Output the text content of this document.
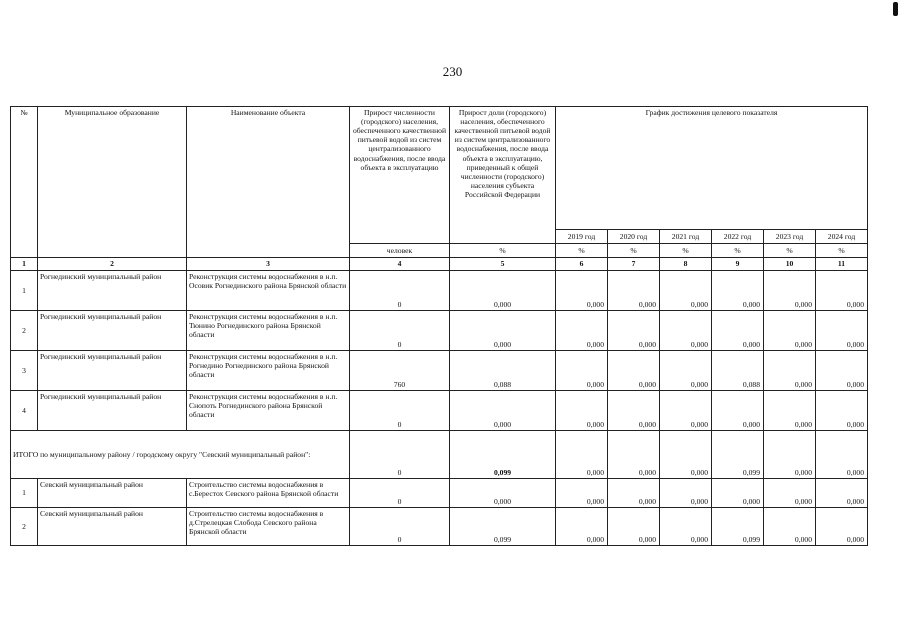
230
№	Муниципальное образование	Наименование объекта	Прирост численности (городского) населения, обеспеченного качественной питьевой водой из систем централизованного водоснабжения, после ввода объекта в эксплуатацию	Прирост доли (городского) населения, обеспеченного качественной питьевой водой из систем централизованного водоснабжения, после ввода объекта в эксплуатацию, приведенный к общей численности (городского) населения субъекта Российской Федерации	График достижения целевого показателя					
					2019 год	2020 год	2021 год	2022 год	2023 год	2024 год
			человек	%	%	%	%	%	%	%
1	2	3	4	5	6	7	8	9	10	11
1	Рогнединский муниципальный район	Реконструкция системы водоснабжения в н.п. Осовик Рогнединского района Брянской области	0	0,000	0,000	0,000	0,000	0,000	0,000	0,000
2	Рогнединский муниципальный район	Реконструкция системы водоснабжения в н.п. Тюнино Рогнединского района Брянской области	0	0,000	0,000	0,000	0,000	0,000	0,000	0,000
3	Рогнединский муниципальный район	Реконструкция системы водоснабжения в н.п. Рогнедино Рогнединского района Брянской области	760	0,088	0,000	0,000	0,000	0,088	0,000	0,000
4	Рогнединский муниципальный район	Реконструкция системы водоснабжения в н.п. Снопоть Рогнединского района Брянской области	0	0,000	0,000	0,000	0,000	0,000	0,000	0,000
ИТОГО по муниципальному району / городскому округу "Севский муниципальный район":			0	0,099	0,000	0,000	0,000	0,099	0,000	0,000
1	Севский муниципальный район	Строительство системы водоснабжения в с.Берестох Севского района Брянской области	0	0,000	0,000	0,000	0,000	0,000	0,000	0,000
2	Севский муниципальный район	Строительство системы водоснабжения в д.Стрелецкая Слобода Севского района Брянской области	0	0,099	0,000	0,000	0,000	0,099	0,000	0,000
